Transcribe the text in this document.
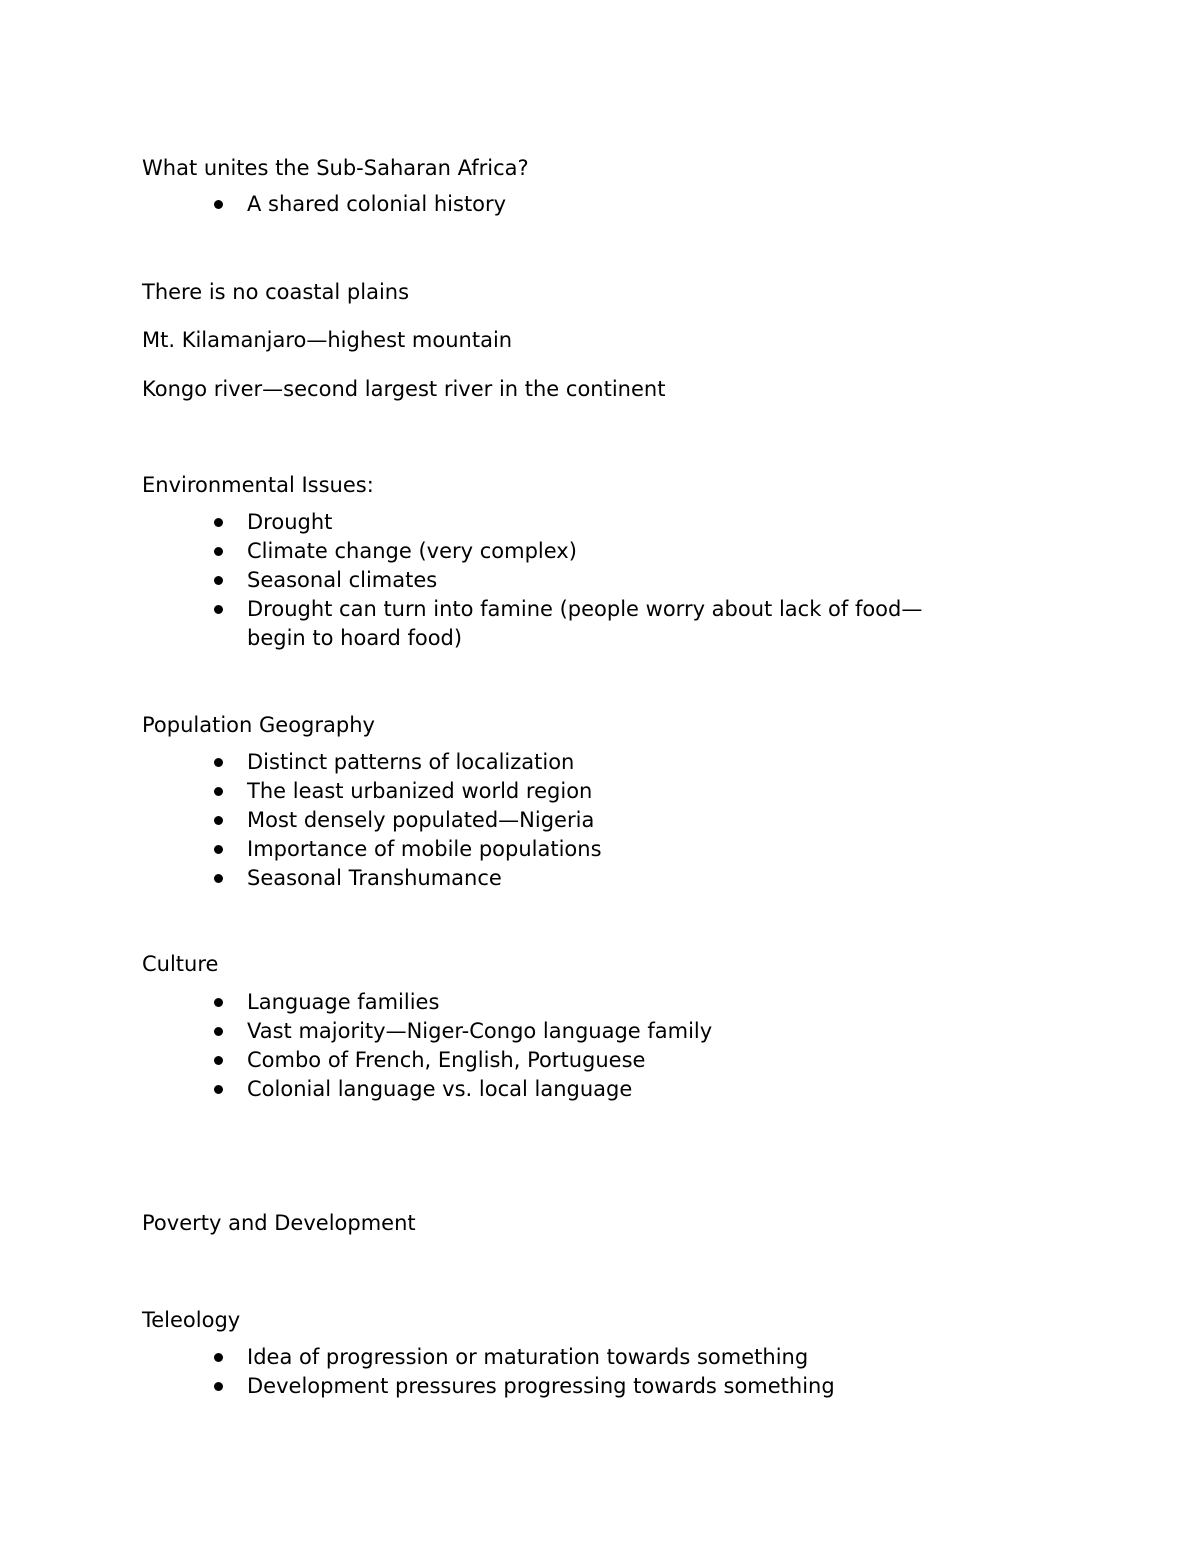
What unites the Sub-Saharan Africa?

A shared colonial history

There is no coastal plains

Mt. Kilamanjaro—highest mountain

Kongo river—second largest river in the continent

Environmental Issues:

Drought
Climate change (very complex)
Seasonal climates
Drought can turn into famine (people worry about lack of food—begin to hoard food)

Population Geography

Distinct patterns of localization
The least urbanized world region
Most densely populated—Nigeria
Importance of mobile populations
Seasonal Transhumance

Culture

Language families
Vast majority—Niger-Congo language family
Combo of French, English, Portuguese
Colonial language vs. local language

Poverty and Development

Teleology

Idea of progression or maturation towards something
Development pressures progressing towards something
